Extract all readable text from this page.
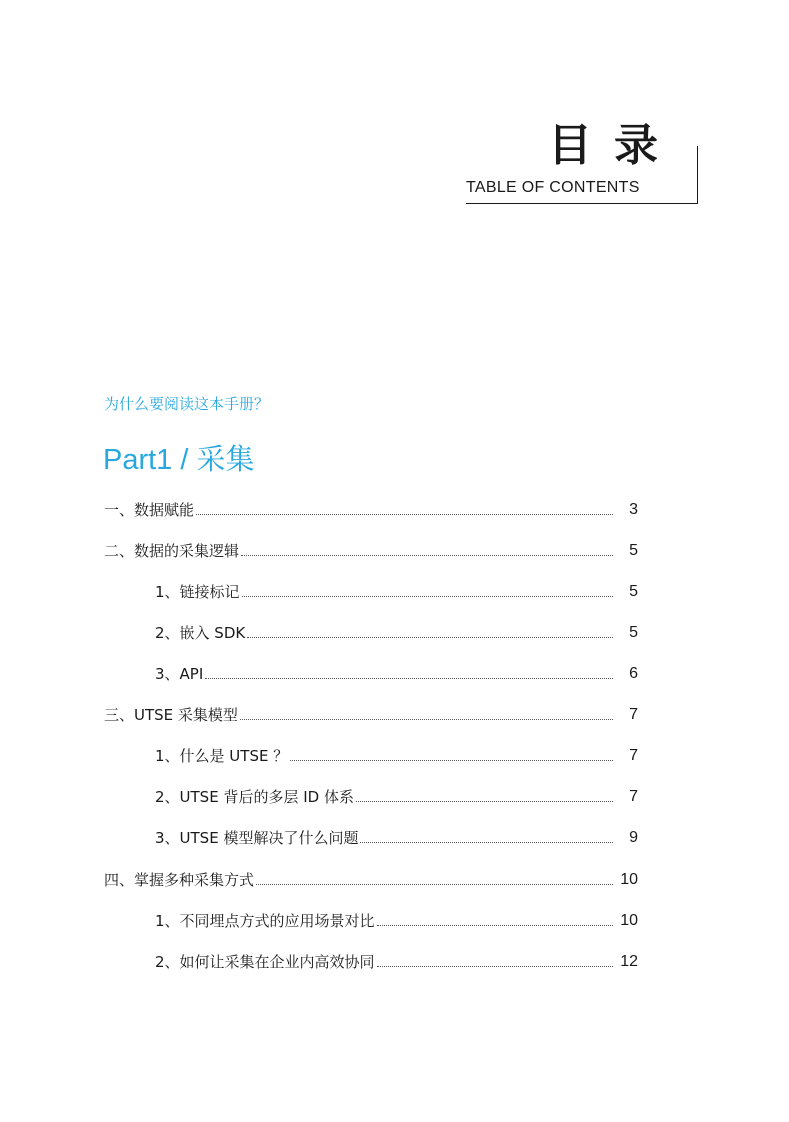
目录
TABLE OF CONTENTS
为什么要阅读这本手册？
Part1 / 采集
一、数据赋能	3
二、数据的采集逻辑	5
1、链接标记	5
2、嵌入 SDK	5
3、API	6
三、UTSE 采集模型	7
1、什么是 UTSE ？	7
2、UTSE 背后的多层 ID 体系	7
3、UTSE 模型解决了什么问题	9
四、掌握多种采集方式	10
1、不同埋点方式的应用场景对比	10
2、如何让采集在企业内高效协同	12
